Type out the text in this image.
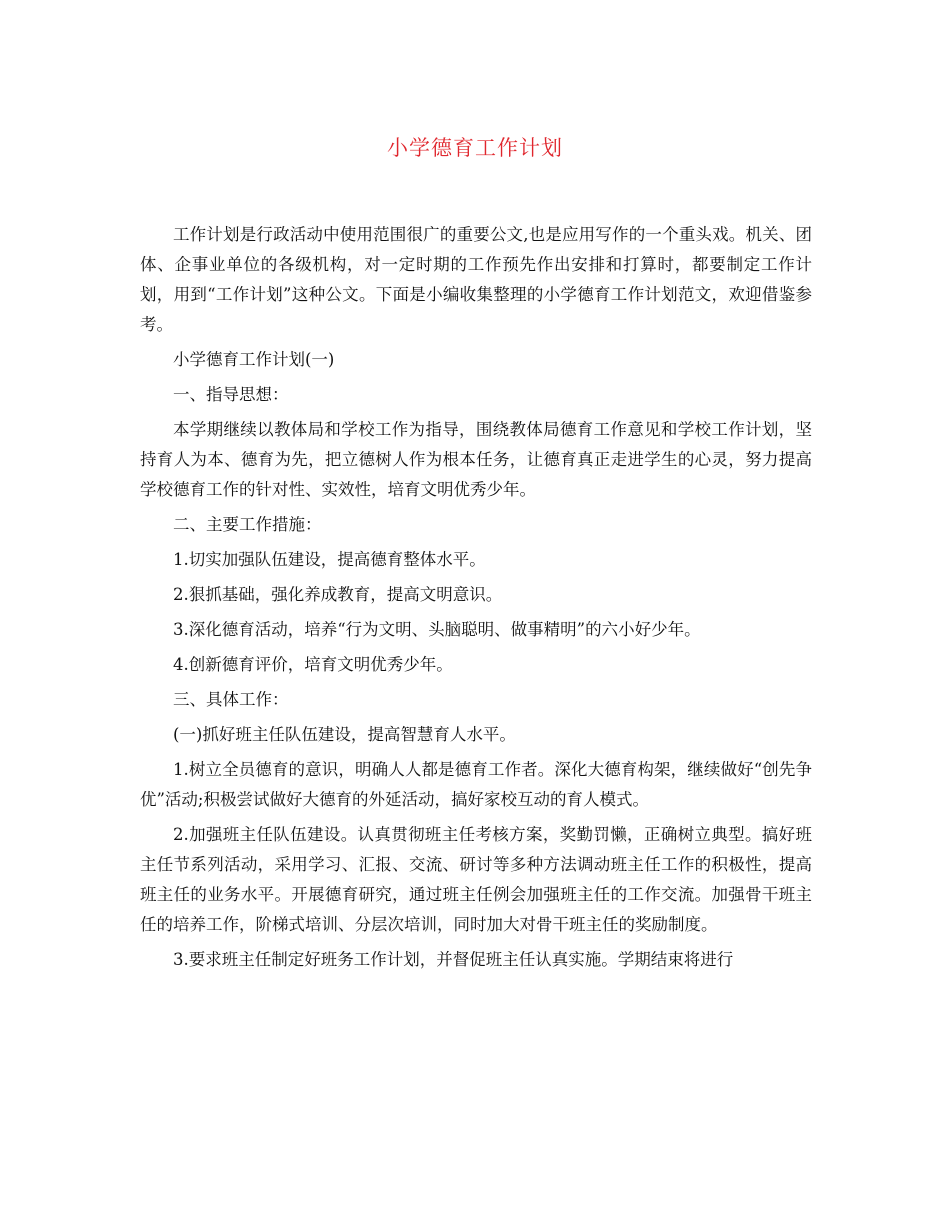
小学德育工作计划

工作计划是行政活动中使用范围很广的重要公文,也是应用写作的一个重头戏。机关、团体、企事业单位的各级机构，对一定时期的工作预先作出安排和打算时，都要制定工作计划，用到“工作计划”这种公文。下面是小编收集整理的小学德育工作计划范文，欢迎借鉴参考。

小学德育工作计划(一)

一、指导思想：

本学期继续以教体局和学校工作为指导，围绕教体局德育工作意见和学校工作计划，坚持育人为本、德育为先，把立德树人作为根本任务，让德育真正走进学生的心灵，努力提高学校德育工作的针对性、实效性，培育文明优秀少年。

二、主要工作措施：

1.切实加强队伍建设，提高德育整体水平。

2.狠抓基础，强化养成教育，提高文明意识。

3.深化德育活动，培养“行为文明、头脑聪明、做事精明”的六小好少年。

4.创新德育评价，培育文明优秀少年。

三、具体工作：

(一)抓好班主任队伍建设，提高智慧育人水平。

1.树立全员德育的意识，明确人人都是德育工作者。深化大德育构架，继续做好“创先争优”活动;积极尝试做好大德育的外延活动，搞好家校互动的育人模式。

2.加强班主任队伍建设。认真贯彻班主任考核方案，奖勤罚懒，正确树立典型。搞好班主任节系列活动，采用学习、汇报、交流、研讨等多种方法调动班主任工作的积极性，提高班主任的业务水平。开展德育研究，通过班主任例会加强班主任的工作交流。加强骨干班主任的培养工作，阶梯式培训、分层次培训，同时加大对骨干班主任的奖励制度。

3.要求班主任制定好班务工作计划，并督促班主任认真实施。学期结束将进行
